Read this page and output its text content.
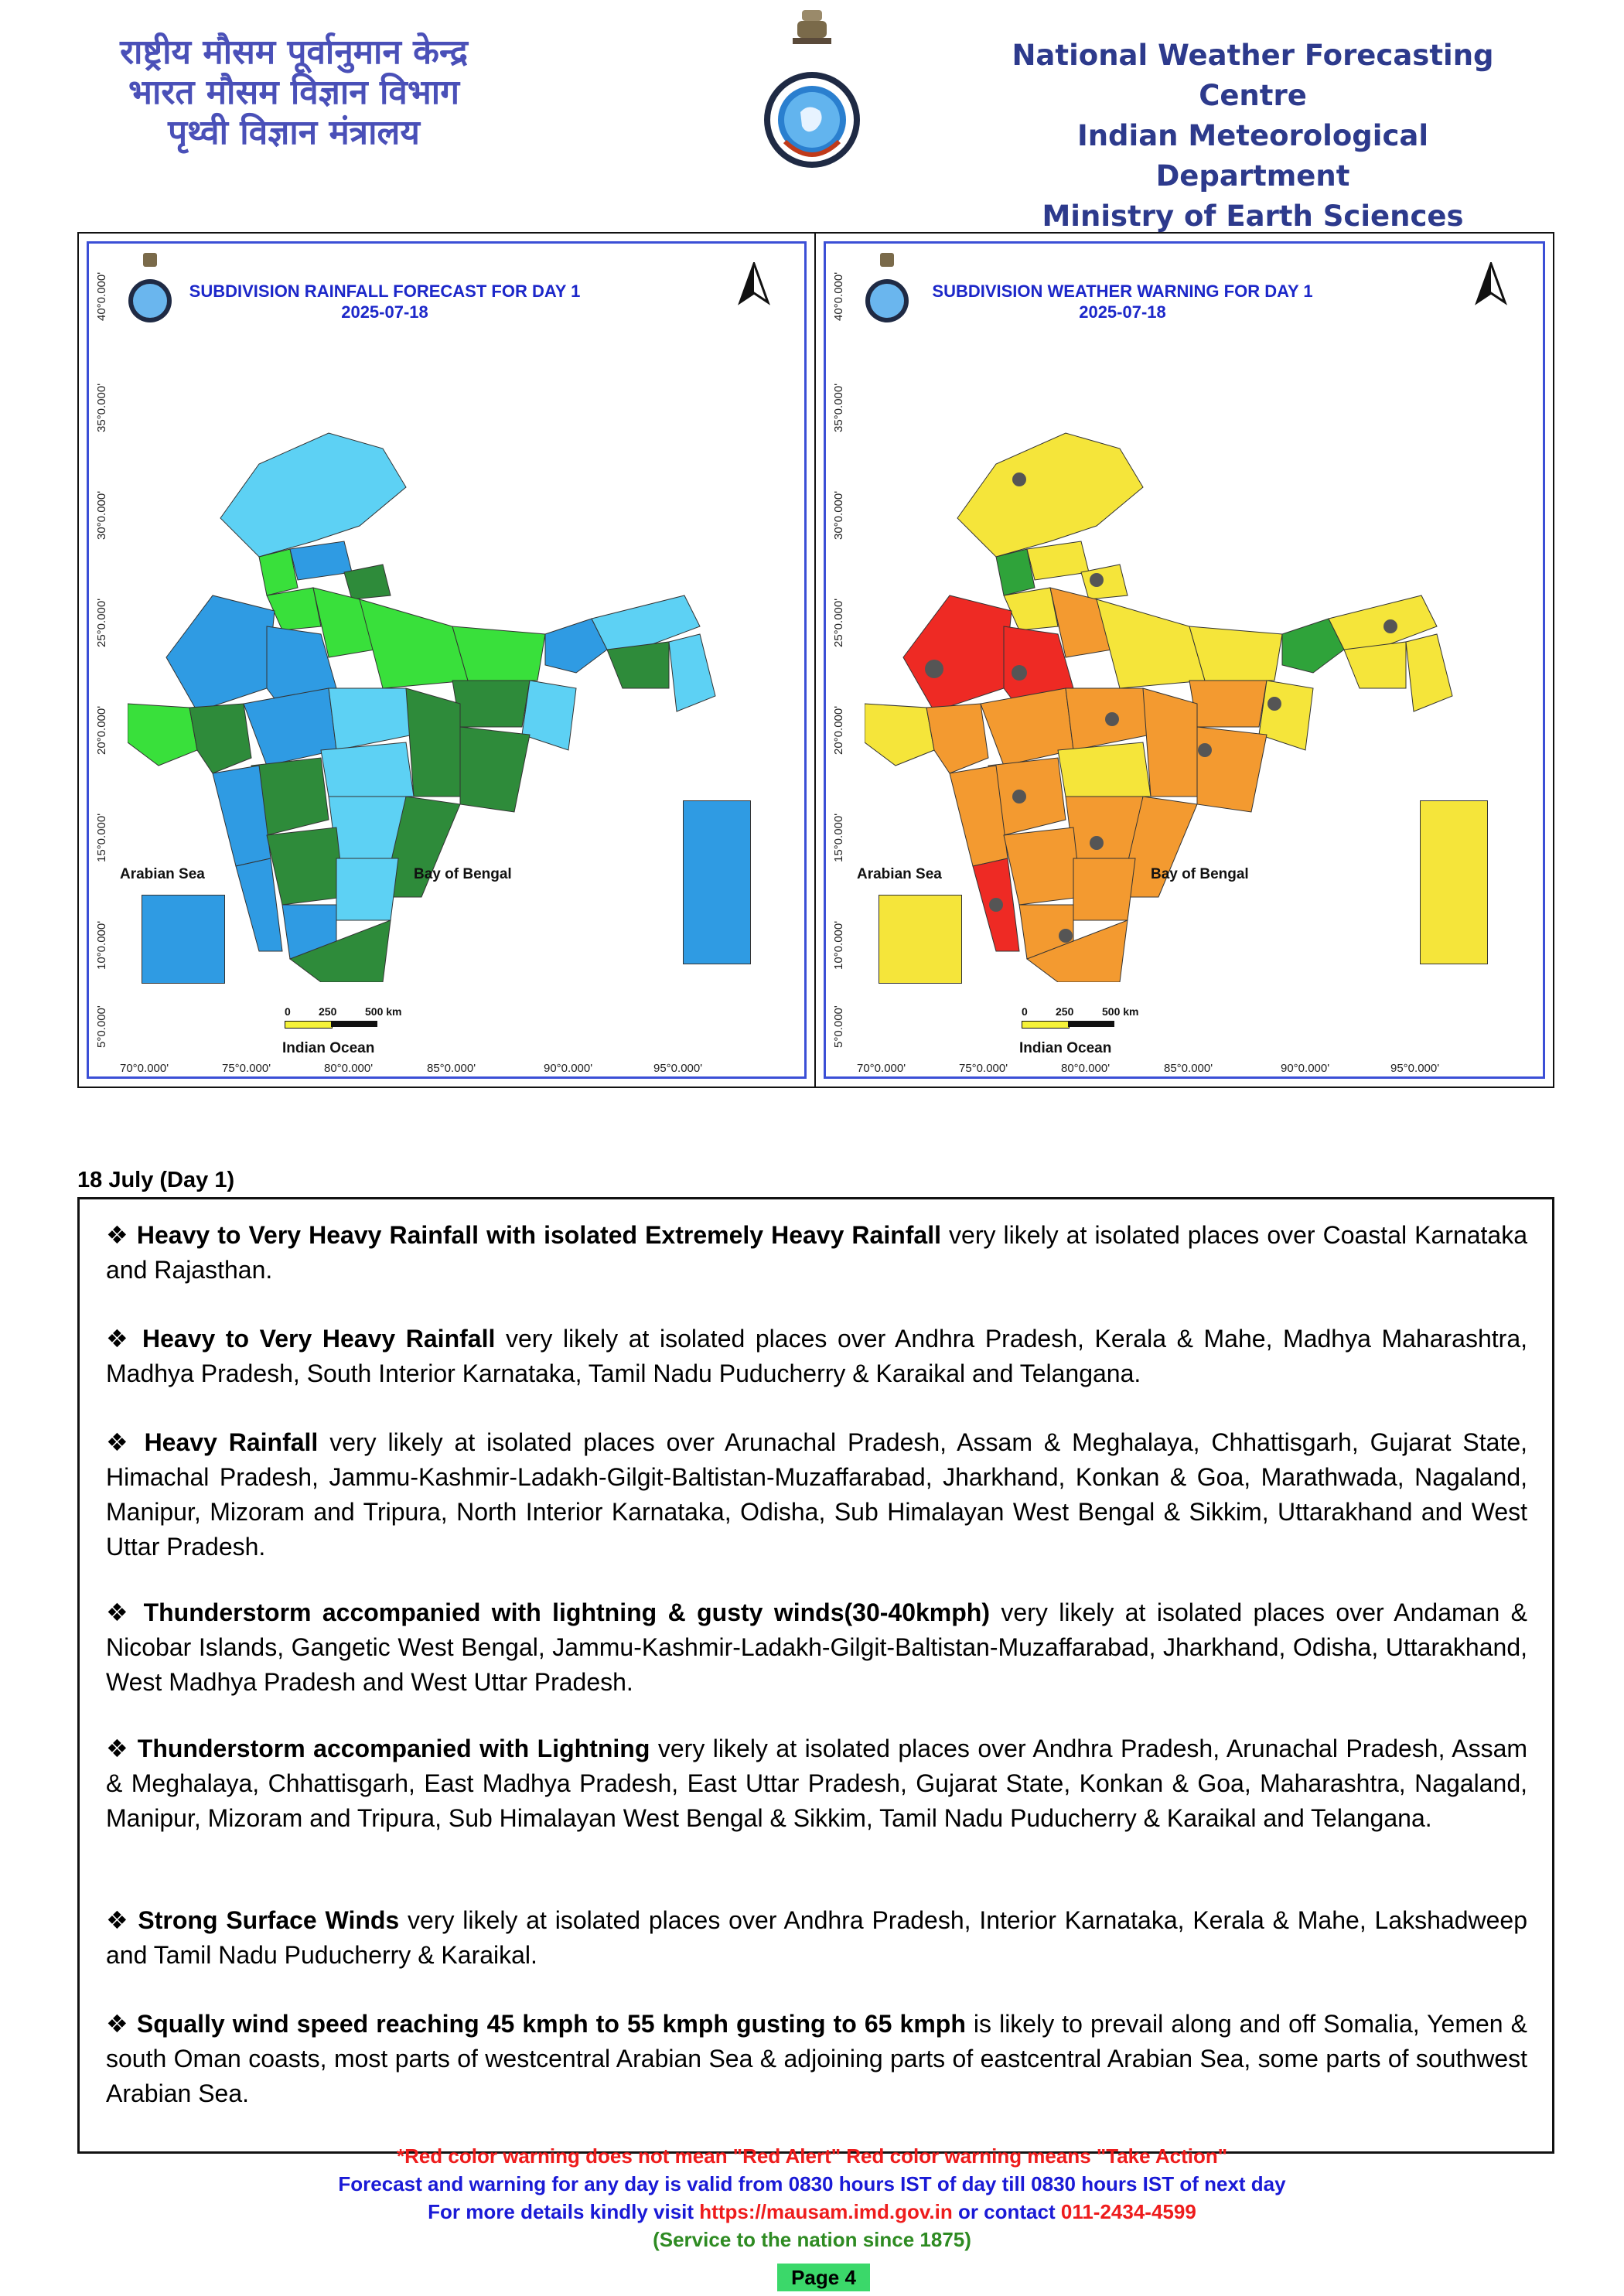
राष्ट्रीय मौसम पूर्वानुमान केन्द्र
भारत मौसम विज्ञान विभाग
पृथ्वी विज्ञान मंत्रालय
National Weather Forecasting Centre
Indian Meteorological Department
Ministry of Earth Sciences
SUBDIVISION RAINFALL FORECAST FOR DAY 1
2025-07-18
40°0.000'
35°0.000'
30°0.000'
25°0.000'
20°0.000'
15°0.000'
10°0.000'
5°0.000'
Arabian Sea	Bay of Bengal
Indian Ocean
0	250	500 km
70°0.000'	75°0.000'	80°0.000'	85°0.000'	90°0.000'	95°0.000'
SUBDIVISION WEATHER WARNING FOR DAY 1
2025-07-18
40°0.000'
35°0.000'
30°0.000'
25°0.000'
20°0.000'
15°0.000'
10°0.000'
5°0.000'
Arabian Sea	Bay of Bengal
Indian Ocean
0	250	500 km
70°0.000'	75°0.000'	80°0.000'	85°0.000'	90°0.000'	95°0.000'
18 July (Day 1)
❖ Heavy to Very Heavy Rainfall with isolated Extremely Heavy Rainfall very likely at isolated places over Coastal Karnataka and Rajasthan.
❖ Heavy to Very Heavy Rainfall very likely at isolated places over Andhra Pradesh, Kerala & Mahe, Madhya Maharashtra, Madhya Pradesh, South Interior Karnataka, Tamil Nadu Puducherry & Karaikal and Telangana.
❖ Heavy Rainfall very likely at isolated places over Arunachal Pradesh, Assam & Meghalaya, Chhattisgarh, Gujarat State, Himachal Pradesh, Jammu-Kashmir-Ladakh-Gilgit-Baltistan-Muzaffarabad, Jharkhand, Konkan & Goa, Marathwada, Nagaland, Manipur, Mizoram and Tripura, North Interior Karnataka, Odisha, Sub Himalayan West Bengal & Sikkim, Uttarakhand and West Uttar Pradesh.
❖ Thunderstorm accompanied with lightning & gusty winds(30-40kmph) very likely at isolated places over Andaman & Nicobar Islands, Gangetic West Bengal, Jammu-Kashmir-Ladakh-Gilgit-Baltistan-Muzaffarabad, Jharkhand, Odisha, Uttarakhand, West Madhya Pradesh and West Uttar Pradesh.
❖ Thunderstorm accompanied with Lightning very likely at isolated places over Andhra Pradesh, Arunachal Pradesh, Assam & Meghalaya, Chhattisgarh, East Madhya Pradesh, East Uttar Pradesh, Gujarat State, Konkan & Goa, Maharashtra, Nagaland, Manipur, Mizoram and Tripura, Sub Himalayan West Bengal & Sikkim, Tamil Nadu Puducherry & Karaikal and Telangana.
❖ Strong Surface Winds very likely at isolated places over Andhra Pradesh, Interior Karnataka, Kerala & Mahe, Lakshadweep and Tamil Nadu Puducherry & Karaikal.
❖ Squally wind speed reaching 45 kmph to 55 kmph gusting to 65 kmph is likely to prevail along and off Somalia, Yemen & south Oman coasts, most parts of westcentral Arabian Sea & adjoining parts of eastcentral Arabian Sea, some parts of southwest Arabian Sea.
*Red color warning does not mean "Red Alert" Red color warning means "Take Action"
Forecast and warning for any day is valid from 0830 hours IST of day till 0830 hours IST of next day
For more details kindly visit https://mausam.imd.gov.in or contact 011-2434-4599
(Service to the nation since 1875)
Page 4
